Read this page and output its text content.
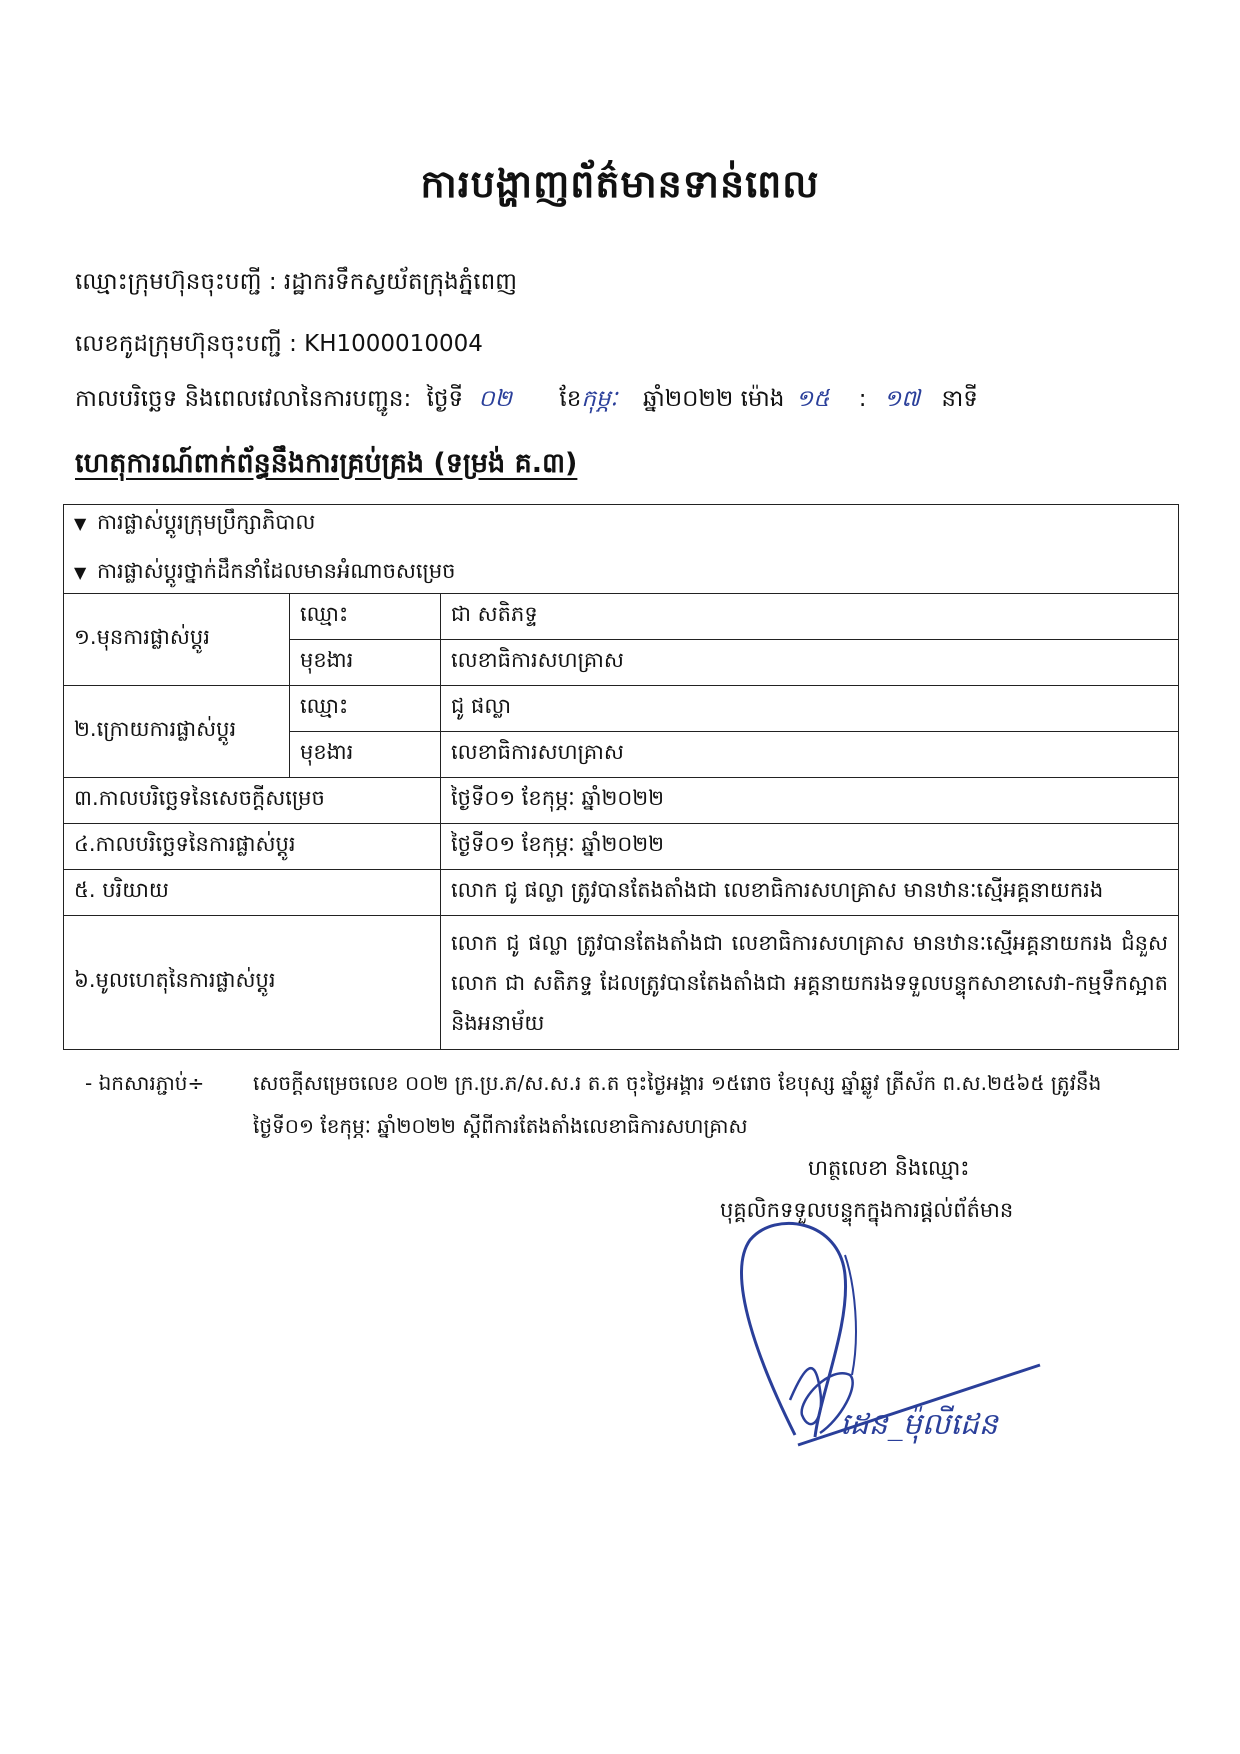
ការបង្ហាញព័ត៌មានទាន់ពេល
ឈ្មោះក្រុមហ៊ុនចុះបញ្ជី : រដ្ឋាករទឹកស្វយ័តក្រុងភ្នំពេញ
លេខកូដក្រុមហ៊ុនចុះបញ្ជី : KH1000010004
កាលបរិច្ឆេទ និងពេលវេលានៃការបញ្ជូន: ថ្ងៃទី ០២ ខែកុម្ភៈ ឆ្នាំ២០២២ ម៉ោង ១៥ : ១៧ នាទី
ហេតុការណ៍ពាក់ព័ន្ធនឹងការគ្រប់គ្រង (ទម្រង់ គ.៣)
▼ ការផ្លាស់ប្តូរក្រុមប្រឹក្សាភិបាល
▼ ការផ្លាស់ប្តូរថ្នាក់ដឹកនាំដែលមានអំណាចសម្រេច		

១.មុនការផ្លាស់ប្តូរ	ឈ្មោះ	ជា សតិភទ្ទ
	មុខងារ	លេខាធិការសហគ្រាស
២.ក្រោយការផ្លាស់ប្តូរ	ឈ្មោះ	ជូ ផល្លា
	មុខងារ	លេខាធិការសហគ្រាស
៣.កាលបរិច្ឆេទនៃសេចក្តីសម្រេច		ថ្ងៃទី០១ ខែកុម្ភៈ ឆ្នាំ២០២២
៤.កាលបរិច្ឆេទនៃការផ្លាស់ប្តូរ		ថ្ងៃទី០១ ខែកុម្ភៈ ឆ្នាំ២០២២
៥. បរិយាយ		លោក ជូ ផល្លា ត្រូវបានតែងតាំងជា លេខាធិការសហគ្រាស មានឋានៈស្មើអគ្គនាយករង
៦.មូលហេតុនៃការផ្លាស់ប្តូរ		លោក ជូ ផល្លា ត្រូវបានតែងតាំងជា លេខាធិការសហគ្រាស មានឋានៈស្មើអគ្គនាយករង ជំនួស លោក ជា សតិភទ្ទ ដែលត្រូវបានតែងតាំងជា អគ្គនាយករងទទួលបន្ទុកសាខាសេវា-កម្មទឹកស្អាត និងអនាម័យ
- ឯកសារភ្ជាប់÷ សេចក្តីសម្រេចលេខ ០០២ ក្រ.ប្រ.ភ/ស.ស.រ ត.ត ចុះថ្ងៃអង្គារ ១៥រោច ខែបុស្ស ឆ្នាំឆ្លូវ ត្រីស័ក ព.ស.២៥៦៥ ត្រូវនឹង
ថ្ងៃទី០១ ខែកុម្ភៈ ឆ្នាំ២០២២ ស្តីពីការតែងតាំងលេខាធិការសហគ្រាស
ហត្ថលេខា និងឈ្មោះ
បុគ្គលិកទទួលបន្ទុកក្នុងការផ្តល់ព័ត៌មាន
ដេន_ម៉ុលីដេន
